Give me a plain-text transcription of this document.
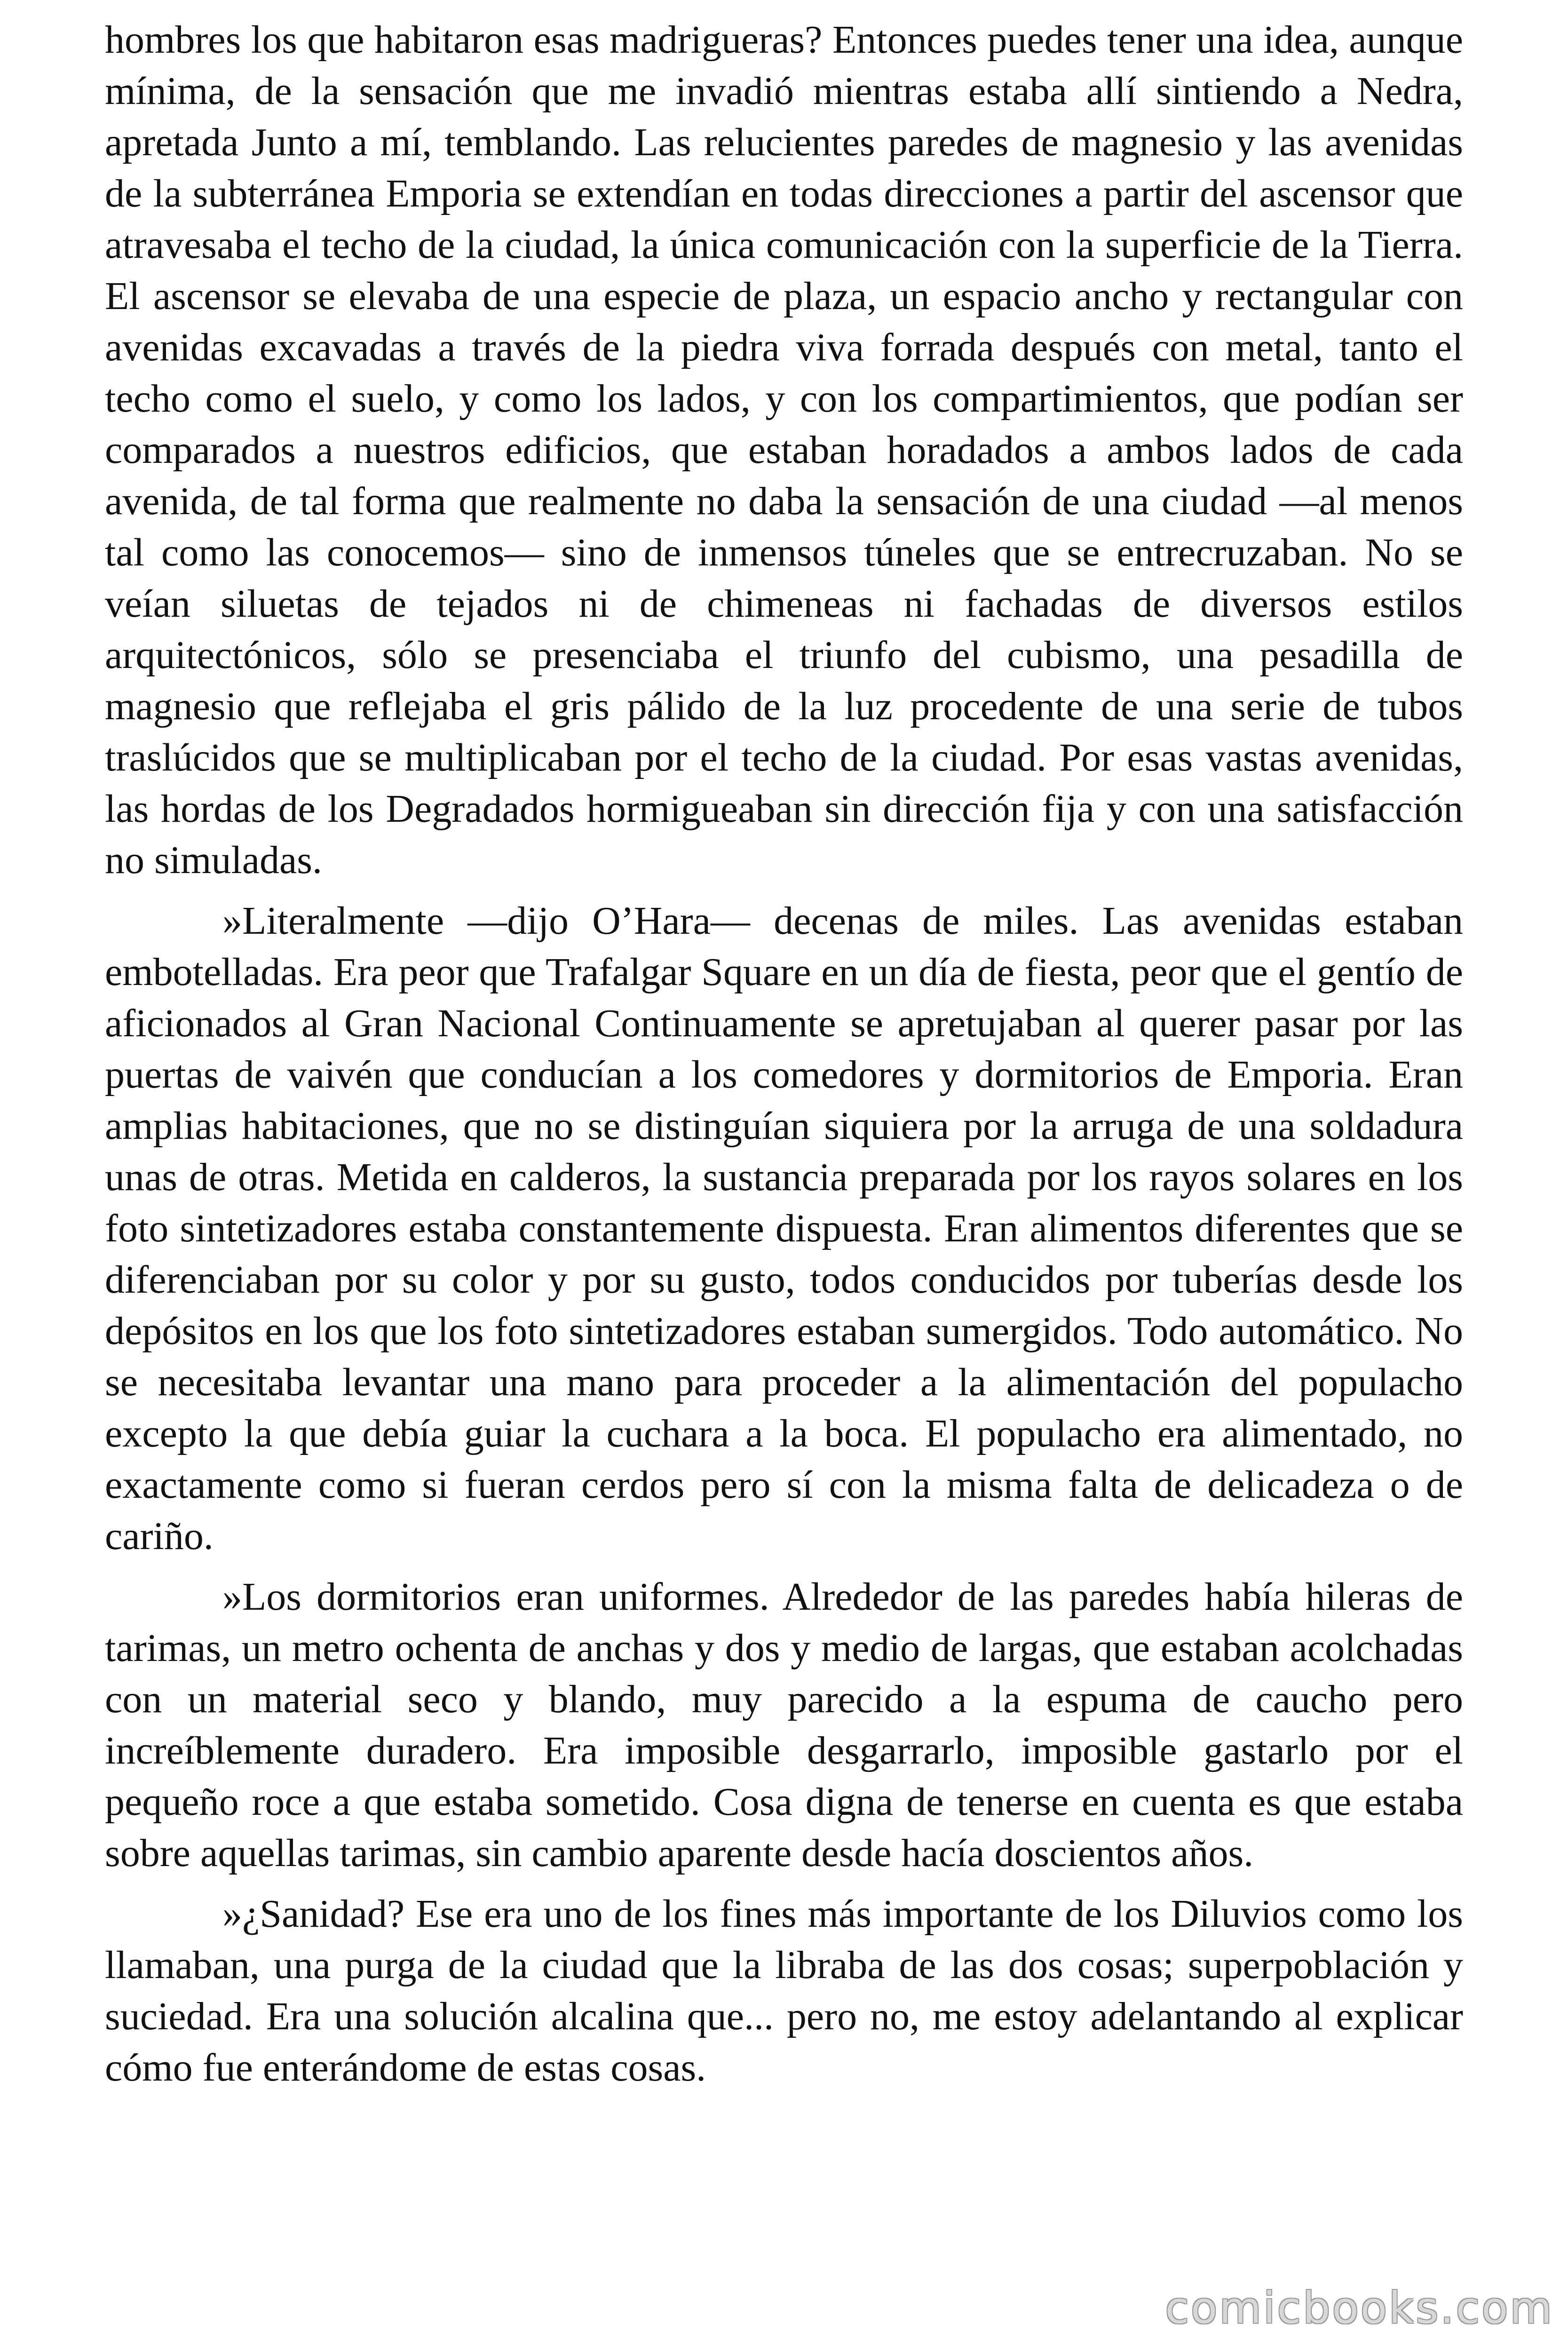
hombres los que habitaron esas madrigueras? Entonces puedes tener una idea, aunque mínima, de la sensación que me invadió mientras estaba allí sintiendo a Nedra, apretada Junto a mí, temblando. Las relucientes paredes de magnesio y las avenidas de la subterránea Emporia se extendían en todas direcciones a partir del ascensor que atravesaba el techo de la ciudad, la única comunicación con la superficie de la Tierra. El ascensor se elevaba de una especie de plaza, un espacio ancho y rectangular con avenidas excavadas a través de la piedra viva forrada después con metal, tanto el techo como el suelo, y como los lados, y con los compartimientos, que podían ser comparados a nuestros edificios, que estaban horadados a ambos lados de cada avenida, de tal forma que realmente no daba la sensación de una ciudad —al menos tal como las conocemos— sino de inmensos túneles que se entrecruzaban. No se veían siluetas de tejados ni de chimeneas ni fachadas de diversos estilos arquitectónicos, sólo se presenciaba el triunfo del cubismo, una pesadilla de magnesio que reflejaba el gris pálido de la luz procedente de una serie de tubos traslúcidos que se multiplicaban por el techo de la ciudad. Por esas vastas avenidas, las hordas de los Degradados hormigueaban sin dirección fija y con una satisfacción no simuladas.

»Literalmente —dijo O’Hara— decenas de miles. Las avenidas estaban embotelladas. Era peor que Trafalgar Square en un día de fiesta, peor que el gentío de aficionados al Gran Nacional Continuamente se apretujaban al querer pasar por las puertas de vaivén que conducían a los comedores y dormitorios de Emporia. Eran amplias habitaciones, que no se distinguían siquiera por la arruga de una soldadura unas de otras. Metida en calderos, la sustancia preparada por los rayos solares en los foto sintetizadores estaba constantemente dispuesta. Eran alimentos diferentes que se diferenciaban por su color y por su gusto, todos conducidos por tuberías desde los depósitos en los que los foto sintetizadores estaban sumergidos. Todo automático. No se necesitaba levantar una mano para proceder a la alimentación del populacho excepto la que debía guiar la cuchara a la boca. El populacho era alimentado, no exactamente como si fueran cerdos pero sí con la misma falta de delicadeza o de cariño.

»Los dormitorios eran uniformes. Alrededor de las paredes había hileras de tarimas, un metro ochenta de anchas y dos y medio de largas, que estaban acolchadas con un material seco y blando, muy parecido a la espuma de caucho pero increíblemente duradero. Era imposible desgarrarlo, imposible gastarlo por el pequeño roce a que estaba sometido. Cosa digna de tenerse en cuenta es que estaba sobre aquellas tarimas, sin cambio aparente desde hacía doscientos años.

»¿Sanidad? Ese era uno de los fines más importante de los Diluvios como los llamaban, una purga de la ciudad que la libraba de las dos cosas; superpoblación y suciedad. Era una solución alcalina que... pero no, me estoy adelantando al explicar cómo fue enterándome de estas cosas.

comicbooks.com
